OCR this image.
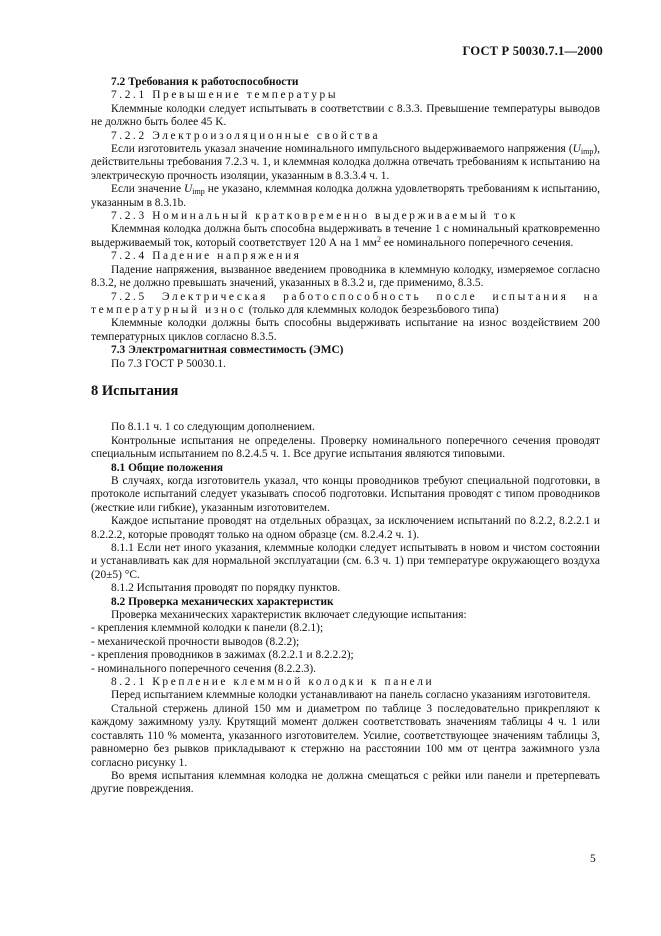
ГОСТ Р 50030.7.1—2000

7.2 Требования к работоспособности

7.2.1 Превышение температуры

Клеммные колодки следует испытывать в соответствии с 8.3.3. Превышение температуры выводов не должно быть более 45 K.

7.2.2 Электроизоляционные свойства

Если изготовитель указал значение номинального импульсного выдерживаемого напряжения $(U_{imp})$, действительны требования 7.2.3 ч. 1, и клеммная колодка должна отвечать требованиям к испытанию на электрическую прочность изоляции, указанным в 8.3.3.4 ч. 1.

Если значение $U_{imp}$ не указано, клеммная колодка должна удовлетворять требованиям к испытанию, указанным в 8.3.1b.

7.2.3 Номинальный кратковременно выдерживаемый ток

Клеммная колодка должна быть способна выдерживать в течение 1 с номинальный кратковременно выдерживаемый ток, который соответствует 120 А на 1 $мм^2$ ее номинального поперечного сечения.

7.2.4 Падение напряжения

Падение напряжения, вызванное введением проводника в клеммную колодку, измеряемое согласно 8.3.2, не должно превышать значений, указанных в 8.3.2 и, где применимо, 8.3.5.

7.2.5 Электрическая работоспособность после испытания на температурный износ (только для клеммных колодок безрезьбового типа)

Клеммные колодки должны быть способны выдерживать испытание на износ воздействием 200 температурных циклов согласно 8.3.5.

7.3 Электромагнитная совместимость (ЭМС)

По 7.3 ГОСТ Р 50030.1.

8 Испытания

По 8.1.1 ч. 1 со следующим дополнением.

Контрольные испытания не определены. Проверку номинального поперечного сечения проводят специальным испытанием по 8.2.4.5 ч. 1. Все другие испытания являются типовыми.

8.1 Общие положения

В случаях, когда изготовитель указал, что концы проводников требуют специальной подготовки, в протоколе испытаний следует указывать способ подготовки. Испытания проводят с типом проводников (жесткие или гибкие), указанным изготовителем.

Каждое испытание проводят на отдельных образцах, за исключением испытаний по 8.2.2, 8.2.2.1 и 8.2.2.2, которые проводят только на одном образце (см. 8.2.4.2 ч. 1).

8.1.1 Если нет иного указания, клеммные колодки следует испытывать в новом и чистом состоянии и устанавливать как для нормальной эксплуатации (см. 6.3 ч. 1) при температуре окружающего воздуха (20±5) °С.

8.1.2 Испытания проводят по порядку пунктов.

8.2 Проверка механических характеристик

Проверка механических характеристик включает следующие испытания:

- крепления клеммной колодки к панели (8.2.1);

- механической прочности выводов (8.2.2);

- крепления проводников в зажимах (8.2.2.1 и 8.2.2.2);

- номинального поперечного сечения (8.2.2.3).

8.2.1 Крепление клеммной колодки к панели

Перед испытанием клеммные колодки устанавливают на панель согласно указаниям изготовителя.

Стальной стержень длиной 150 мм и диаметром по таблице 3 последовательно прикрепляют к каждому зажимному узлу. Крутящий момент должен соответствовать значениям таблицы 4 ч. 1 или составлять 110 % момента, указанного изготовителем. Усилие, соответствующее значениям таблицы 3, равномерно без рывков прикладывают к стержню на расстоянии 100 мм от центра зажимного узла согласно рисунку 1.

Во время испытания клеммная колодка не должна смещаться с рейки или панели и претерпевать другие повреждения.

5
